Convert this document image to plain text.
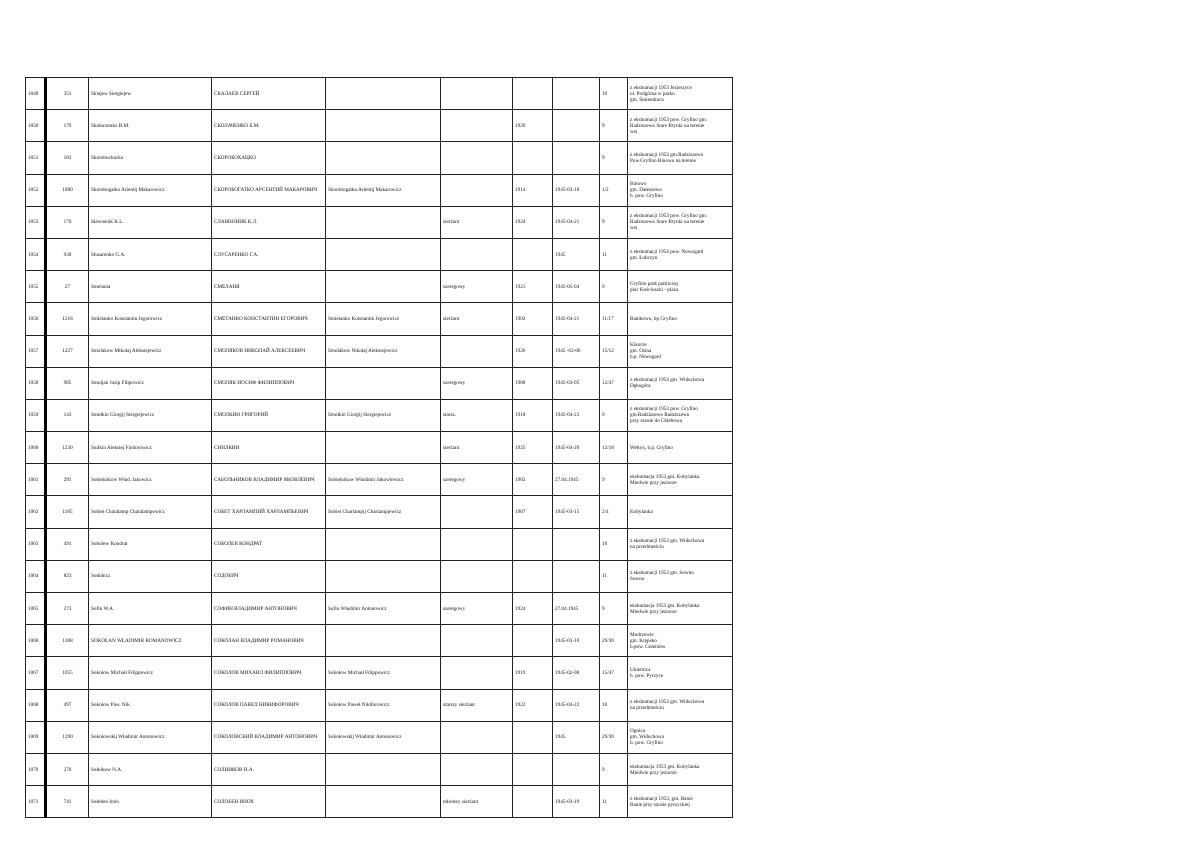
1049	351	Sklajew Siergiejew	СКАЛАЕВ СЕРГЕЙ					10	z ekshumacji 1953 Jezierzyce
ul. Podgórna w parku
gm. Śmiendnica

1050	179	Skołaczenko B.M.	СКОЛАЧЕНКО Б.М.			1926		9	z ekshumacji 1953 pow. Gryfino gm.
Radziszewo Stare Brynki na terenie
wsi

1051	183	Skorobochacko	СКОРОБОХАЦКО					9	z ekshumacji 1953 gm.Radziszewo
Pow.Gryfino Binowo na terenie

1052	1080	Skorobogatko Arientij Makarowicz	СКОРОБОГАТКО АРСЕНТИЙ МАКАРОВИЧ	Skorobogatko Arientij Makarowicz		1914	1945-03-18	1/2	Binowo
gm. Dałeszewo
b. pow. Gryfino

1053	170	Sławnenik K.L.	СЛАВНОНИК К.Л.		sierżant	1924	1945-04-21	9	z ekshumacji 1953 pow. Gryfino gm.
Radziszewo Stare Brynki na terenie
wsi

1054	930	Słusarenko G.A.	СЛУСАРЕНКО Г.А.				1945	11	z ekshumacji 1954 pow. Nowogard
gm. Łubczyn

1055	27	Smelania	СМЕЛАНЯ		szeregowy	1921	1945-05-04	9	Gryfino park publiczny
plac Kościuszki - plaża

1056	1218	Smietanko Konstantin Jegorowicz	СМЕТАНКО КОНСТАНТИН ЕГОРОВИЧ	Smietanko Konstantin Jegorowicz	sierżant	1902	1945-04-21	11/17	Banikowo, bp Gryfino

1057	1227	Smolakow Mikołaj Aleksiejewicz	СМОЛЯКОВ НИКОЛАЙ АЛЕКСЕЕВИЧ	Smolakow Nikołaj Aleksiejewicz		1926	1945 -03-06	15/12	Kikorze
gm. Osina
b.p. Nowogard

1058	985	Smoljak Josip Filipowicz	СМОЛЯК ИОСИФ ФИЛИППОВИЧ		szeregowy	1900	1945-03-05	12/47	z ekshumacji 1954 gm. Widuchowa
Dębogóra

1059	143	Smołkin Giorgij Siergiejewicz	СМОЛКИН ГРИГОРИЙ	Smołkin Giorgij Siergiejewicz	starsz.	1918	1945-04-23	9	z ekshumacji 1953 pow. Gryfino
gm.Radziszewo Radziszewo
przy szosie do Chlebowa

1060	1230	Snilkin Aleksiej Fiodorowicz	СНИЛКИН		sierżant	1925	1945-04-20	12/18	Wełtyń, b.p. Gryfino

1061	291	Sobielnikow Wład. Jakowicz	САБОЛЬНИКОВ ВЛАДИМИР ЯКОВЛЕВИЧ	Sobielnikow Władimir Jakowlewicz	szeregowy	1902	27.04.1945	9	ekshumacja 1953 gm. Kobylanka
Miedwie przy jeziorze

1062	1185	Sobiet Charalamp Charalampowicz	СОБЕТ ХАРЛАМПИЙ ХАРЛАМПЬЕВИЧ	Sobiet Charlampij Charlampjewicz		1907	1945-03-15	2/4	Kobylanka

1063	491	Sobolew Kondrat	СОБОЛЕВ КОНДРАТ					10	z ekshumacji 1953 gm. Widuchowa
na przedmieściu

1064	823	Sodobicz	СОДОБИЧ					11	z ekshumacji 1953 gm. Sowno
Sowno

1065	273	Sofin W.A.	СОФИН ВЛАДИМИР АНТОНОВИЧ	Sofin Władimir Antonowicz	szeregowy	1924	27.04.1945	9	ekshumacja 1953 gm. Kobylanka
Miedwie przy jeziorze

1066	1308	SOKOŁAN WŁADIMIR ROMANOWICZ	СОКОЛАН ВЛАДИМИР РОМАНОВИЧ				1945-03-10	29/30	Modrzewie
gm. Krępsko
b.pow. Goleniów

1067	1055	Sokołow Michaił Filippowicz	СОКОЛОВ МИХАИЛ ФИЛИППОВИЧ	Sokołow Michaił Filippowicz		1919	1945-02-08	15/47	Ukiernica
b. pow. Pyrzyce

1068	497	Sokołow Paw. Nik.	СОКОЛОВ ПАВЕЛ НИКИФОРОВИЧ	Sokołow Paweł Nikiforowicz	starszy sierżant	1922	1945-04-22	10	z ekshumacji 1953 gm. Widuchowa
na przedmieściu

1069	1290	Sokołowskij Władimir Antonowicz	СОКОЛОВСКИЙ ВЛАДИМИР АНТОНОВИЧ	Sokołowskij Władimir Antonowicz			1945	29/30	Ognica
gm. Widuchowa
b. pow. Gryfino

1070	270	Sołnikow N.A.	СОЛНИКОВ Н.А.					9	ekshumacja 1953 gm. Kobylanka
Miedwie przy jeziorze

1071	741	Sołoben Inoh	СОЛОБЕН ИНОХ		młodszy sierżant		1945-03-19	11	z ekshumacji 1953, gm. Banie
Banie przy szosie pyrzyckiej
